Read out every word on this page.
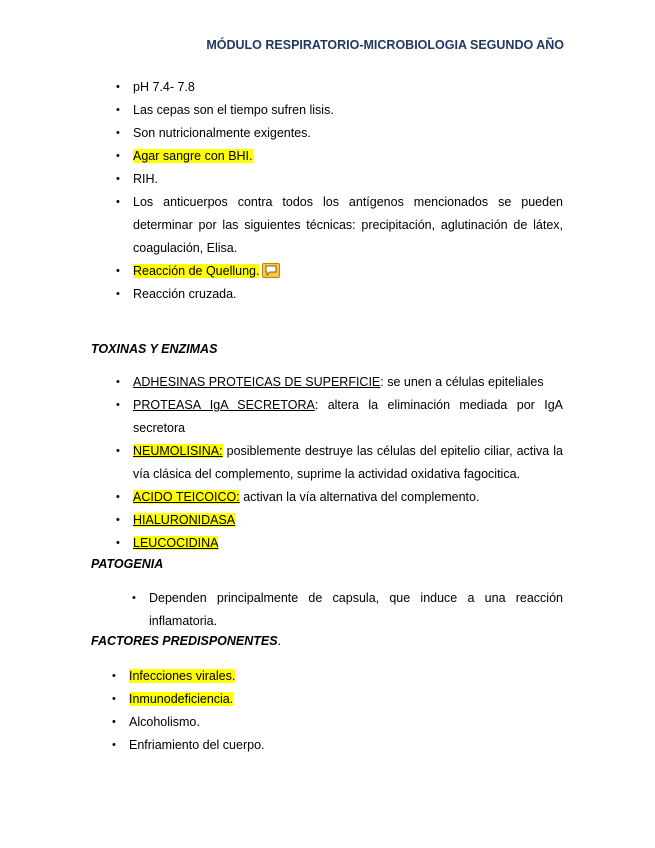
MÓDULO RESPIRATORIO-MICROBIOLOGIA SEGUNDO AÑO
• pH 7.4- 7.8
• Las cepas son el tiempo sufren lisis.
• Son nutricionalmente exigentes.
• Agar sangre con BHI.
• RIH.
• Los anticuerpos contra todos los antígenos mencionados se pueden determinar por las siguientes técnicas: precipitación, aglutinación de látex, coagulación, Elisa.
• Reacción de Quellung.
• Reacción cruzada.
TOXINAS Y ENZIMAS
• ADHESINAS PROTEICAS DE SUPERFICIE: se unen a células epiteliales
• PROTEASA IgA SECRETORA: altera la eliminación mediada por IgA secretora
• NEUMOLISINA: posiblemente destruye las células del epitelio ciliar, activa la vía clásica del complemento, suprime la actividad oxidativa fagocitica.
• ACIDO TEICOICO: activan la vía alternativa del complemento.
• HIALURONIDASA
• LEUCOCIDINA
PATOGENIA
• Dependen principalmente de capsula, que induce a una reacción inflamatoria.
FACTORES PREDISPONENTES.
• Infecciones virales.
• Inmunodeficiencia.
• Alcoholismo.
• Enfriamiento del cuerpo.
